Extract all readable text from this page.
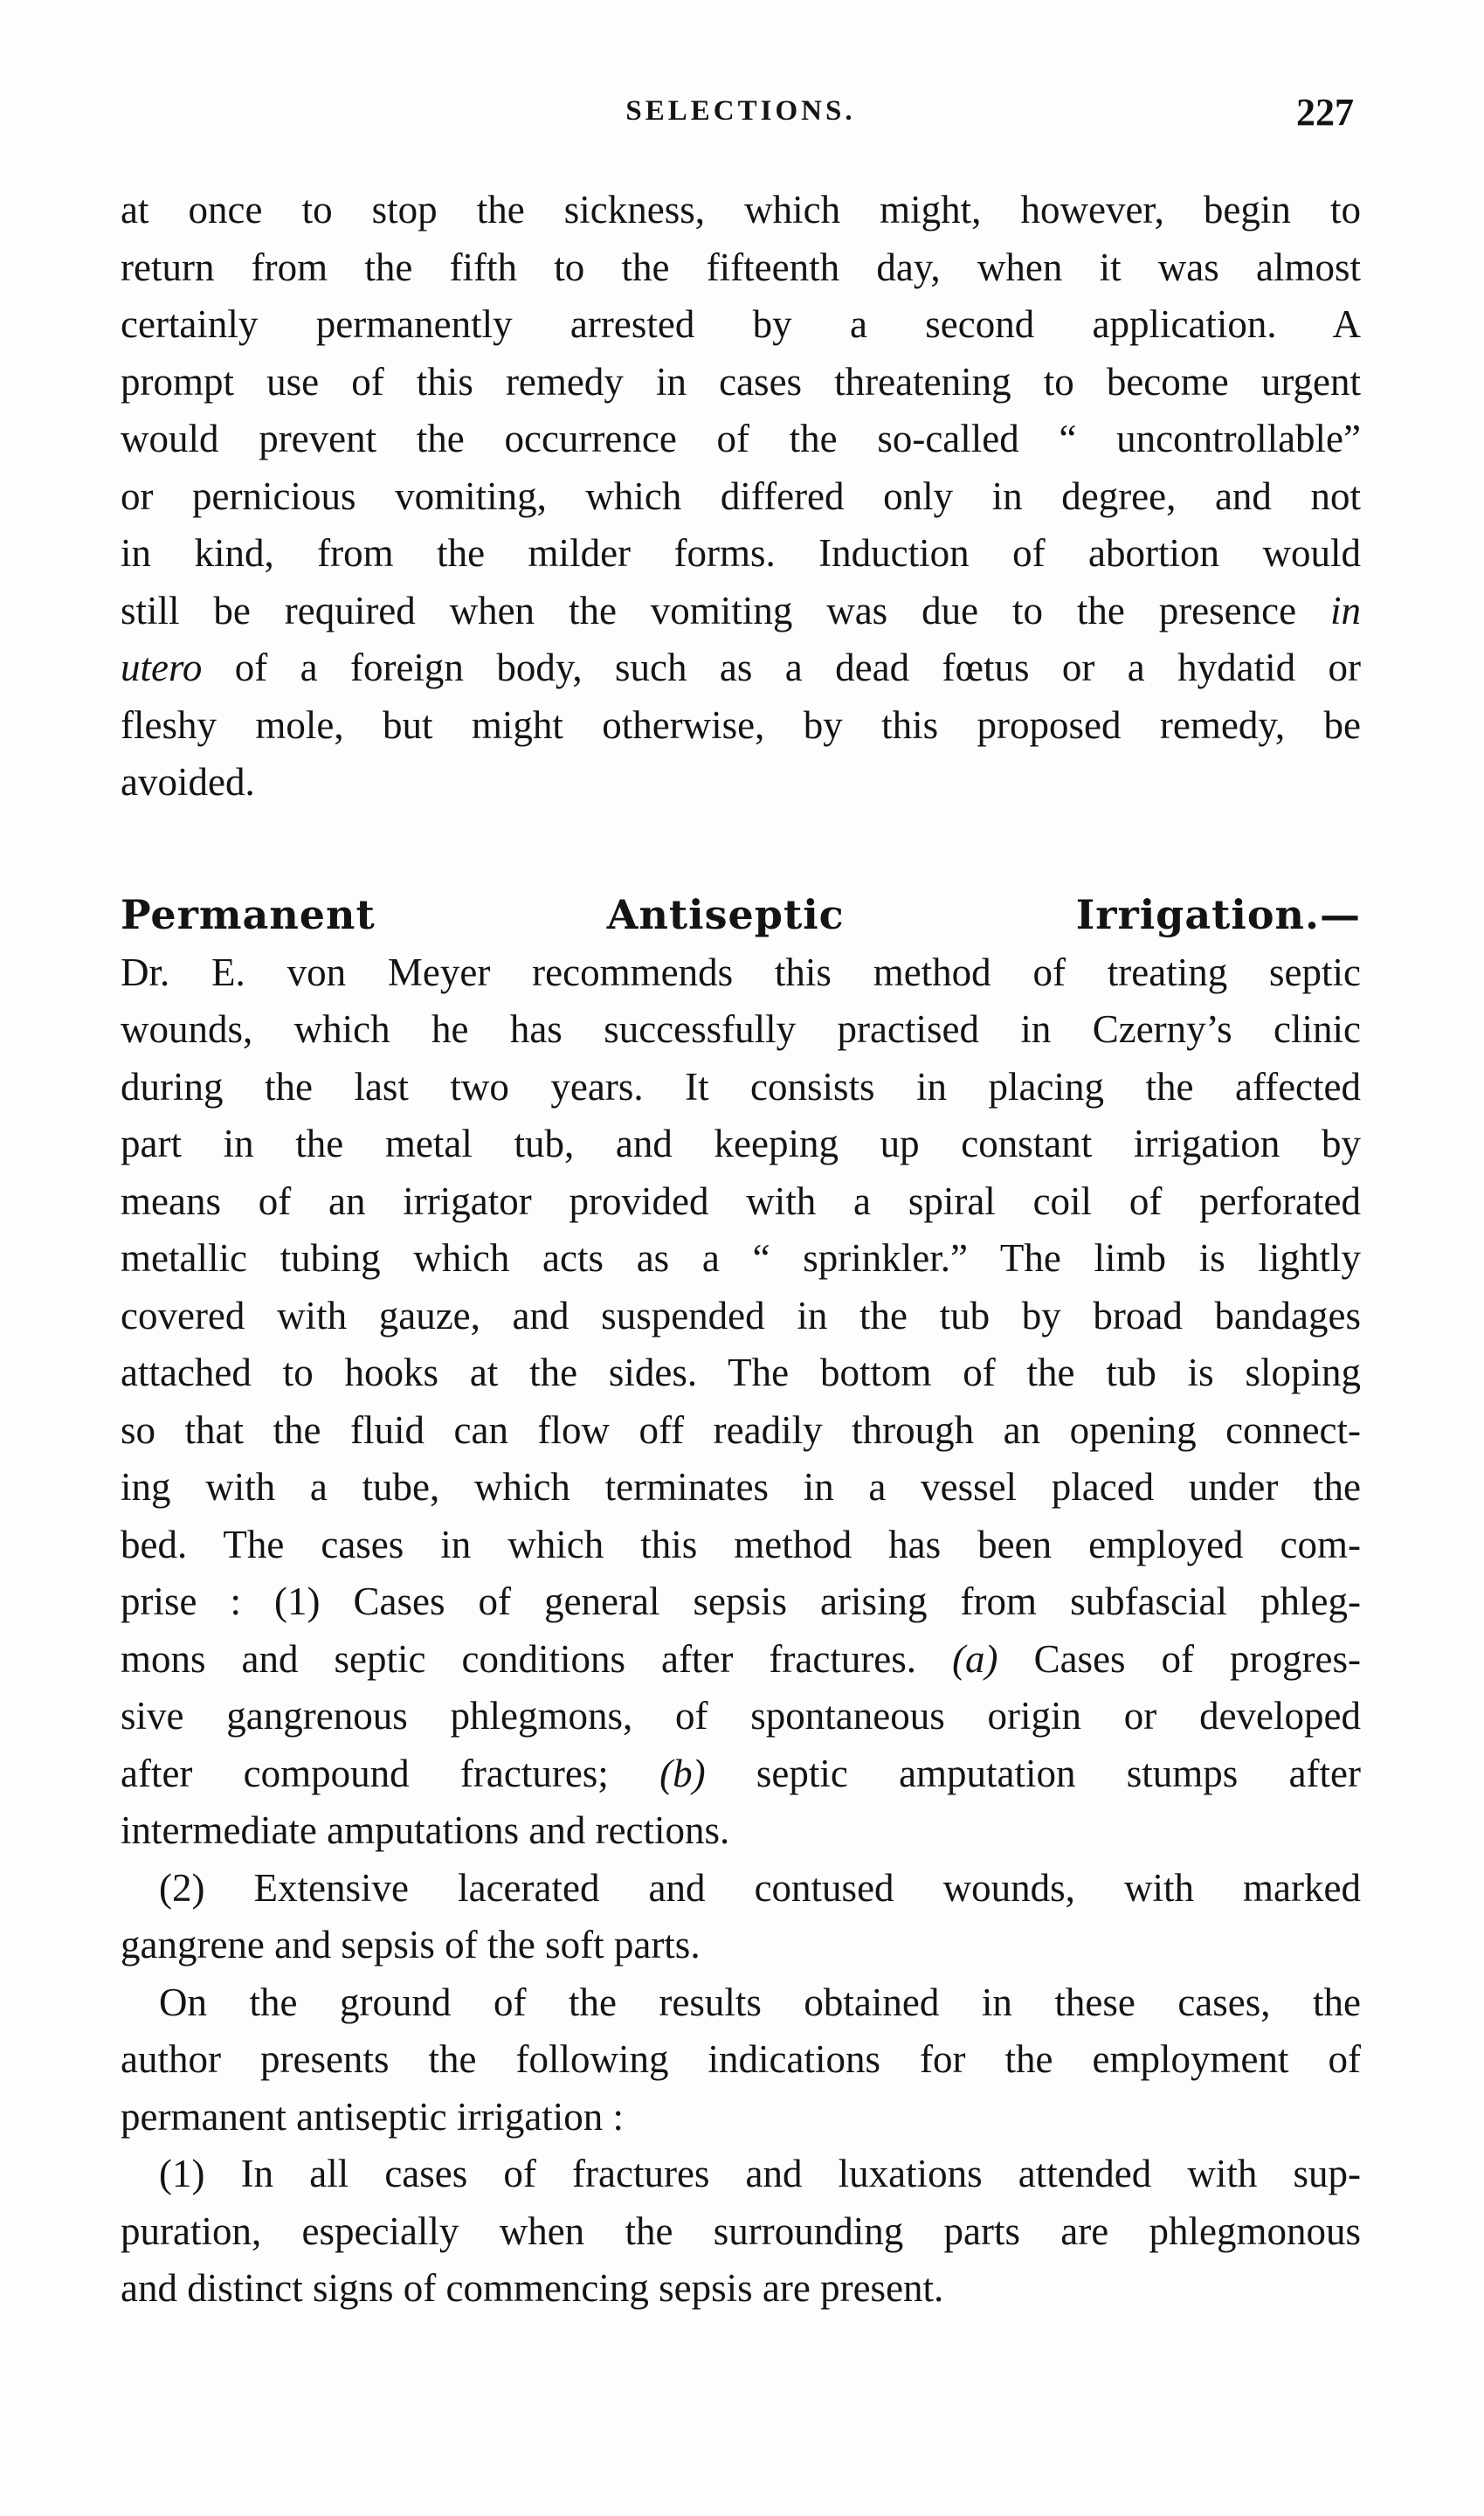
SELECTIONS.	227
at once to stop the sickness, which might, however, begin to
return from the fifth to the fifteenth day, when it was almost
certainly permanently arrested by a second application. A
prompt use of this remedy in cases threatening to become urgent
would prevent the occurrence of the so-called “ uncontrollable”
or pernicious vomiting, which differed only in degree, and not
in kind, from the milder forms. Induction of abortion would
still be required when the vomiting was due to the presence in
utero of a foreign body, such as a dead fœtus or a hydatid or
fleshy mole, but might otherwise, by this proposed remedy, be
avoided.
Permanent Antiseptic Irrigation.—
Dr. E. von Meyer recommends this method of treating septic
wounds, which he has successfully practised in Czerny’s clinic
during the last two years. It consists in placing the affected
part in the metal tub, and keeping up constant irrigation by
means of an irrigator provided with a spiral coil of perforated
metallic tubing which acts as a “ sprinkler.” The limb is lightly
covered with gauze, and suspended in the tub by broad bandages
attached to hooks at the sides. The bottom of the tub is sloping
so that the fluid can flow off readily through an opening connect-
ing with a tube, which terminates in a vessel placed under the
bed. The cases in which this method has been employed com-
prise : (1) Cases of general sepsis arising from subfascial phleg-
mons and septic conditions after fractures. (a) Cases of progres-
sive gangrenous phlegmons, of spontaneous origin or developed
after compound fractures; (b) septic amputation stumps after
intermediate amputations and rections.
(2) Extensive lacerated and contused wounds, with marked
gangrene and sepsis of the soft parts.
On the ground of the results obtained in these cases, the
author presents the following indications for the employment of
permanent antiseptic irrigation :
(1) In all cases of fractures and luxations attended with sup-
puration, especially when the surrounding parts are phlegmonous
and distinct signs of commencing sepsis are present.
